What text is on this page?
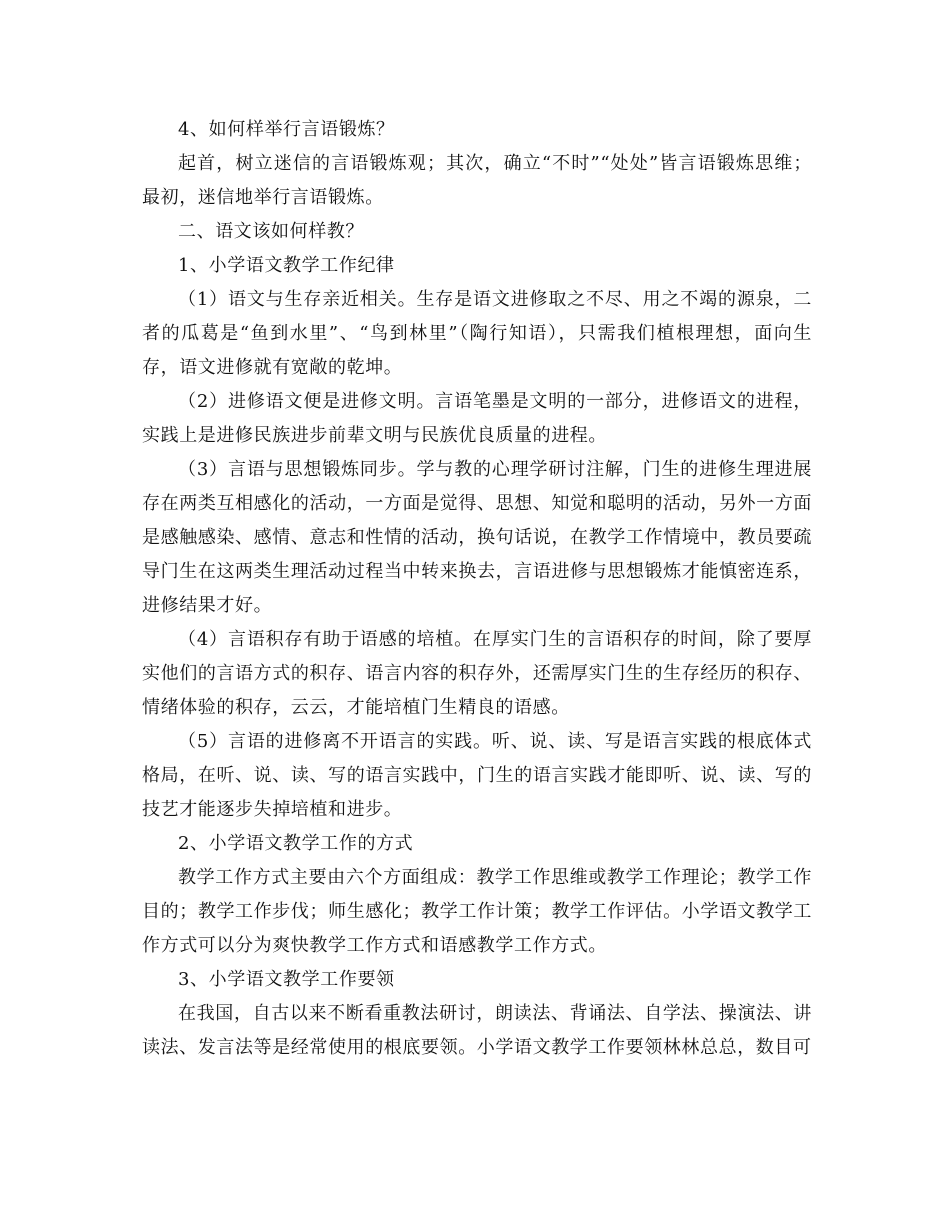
4、如何样举行言语锻炼？

起首，树立迷信的言语锻炼观；其次，确立“不时”“处处”皆言语锻炼思维；最初，迷信地举行言语锻炼。

二、语文该如何样教？

1、小学语文教学工作纪律

（1）语文与生存亲近相关。生存是语文进修取之不尽、用之不竭的源泉，二者的瓜葛是“鱼到水里”、“鸟到林里”（陶行知语），只需我们植根理想，面向生存，语文进修就有宽敞的乾坤。

（2）进修语文便是进修文明。言语笔墨是文明的一部分，进修语文的进程，实践上是进修民族进步前辈文明与民族优良质量的进程。

（3）言语与思想锻炼同步。学与教的心理学研讨注解，门生的进修生理进展存在两类互相感化的活动，一方面是觉得、思想、知觉和聪明的活动，另外一方面是感触感染、感情、意志和性情的活动，换句话说，在教学工作情境中，教员要疏导门生在这两类生理活动过程当中转来换去，言语进修与思想锻炼才能慎密连系，进修结果才好。

（4）言语积存有助于语感的培植。在厚实门生的言语积存的时间，除了要厚实他们的言语方式的积存、语言内容的积存外，还需厚实门生的生存经历的积存、情绪体验的积存，云云，才能培植门生精良的语感。

（5）言语的进修离不开语言的实践。听、说、读、写是语言实践的根底体式格局，在听、说、读、写的语言实践中，门生的语言实践才能即听、说、读、写的技艺才能逐步失掉培植和进步。

2、小学语文教学工作的方式

教学工作方式主要由六个方面组成：教学工作思维或教学工作理论；教学工作目的；教学工作步伐；师生感化；教学工作计策；教学工作评估。小学语文教学工作方式可以分为爽快教学工作方式和语感教学工作方式。

3、小学语文教学工作要领

在我国，自古以来不断看重教法研讨，朗读法、背诵法、自学法、操演法、讲读法、发言法等是经常使用的根底要领。小学语文教学工作要领林林总总，数目可
